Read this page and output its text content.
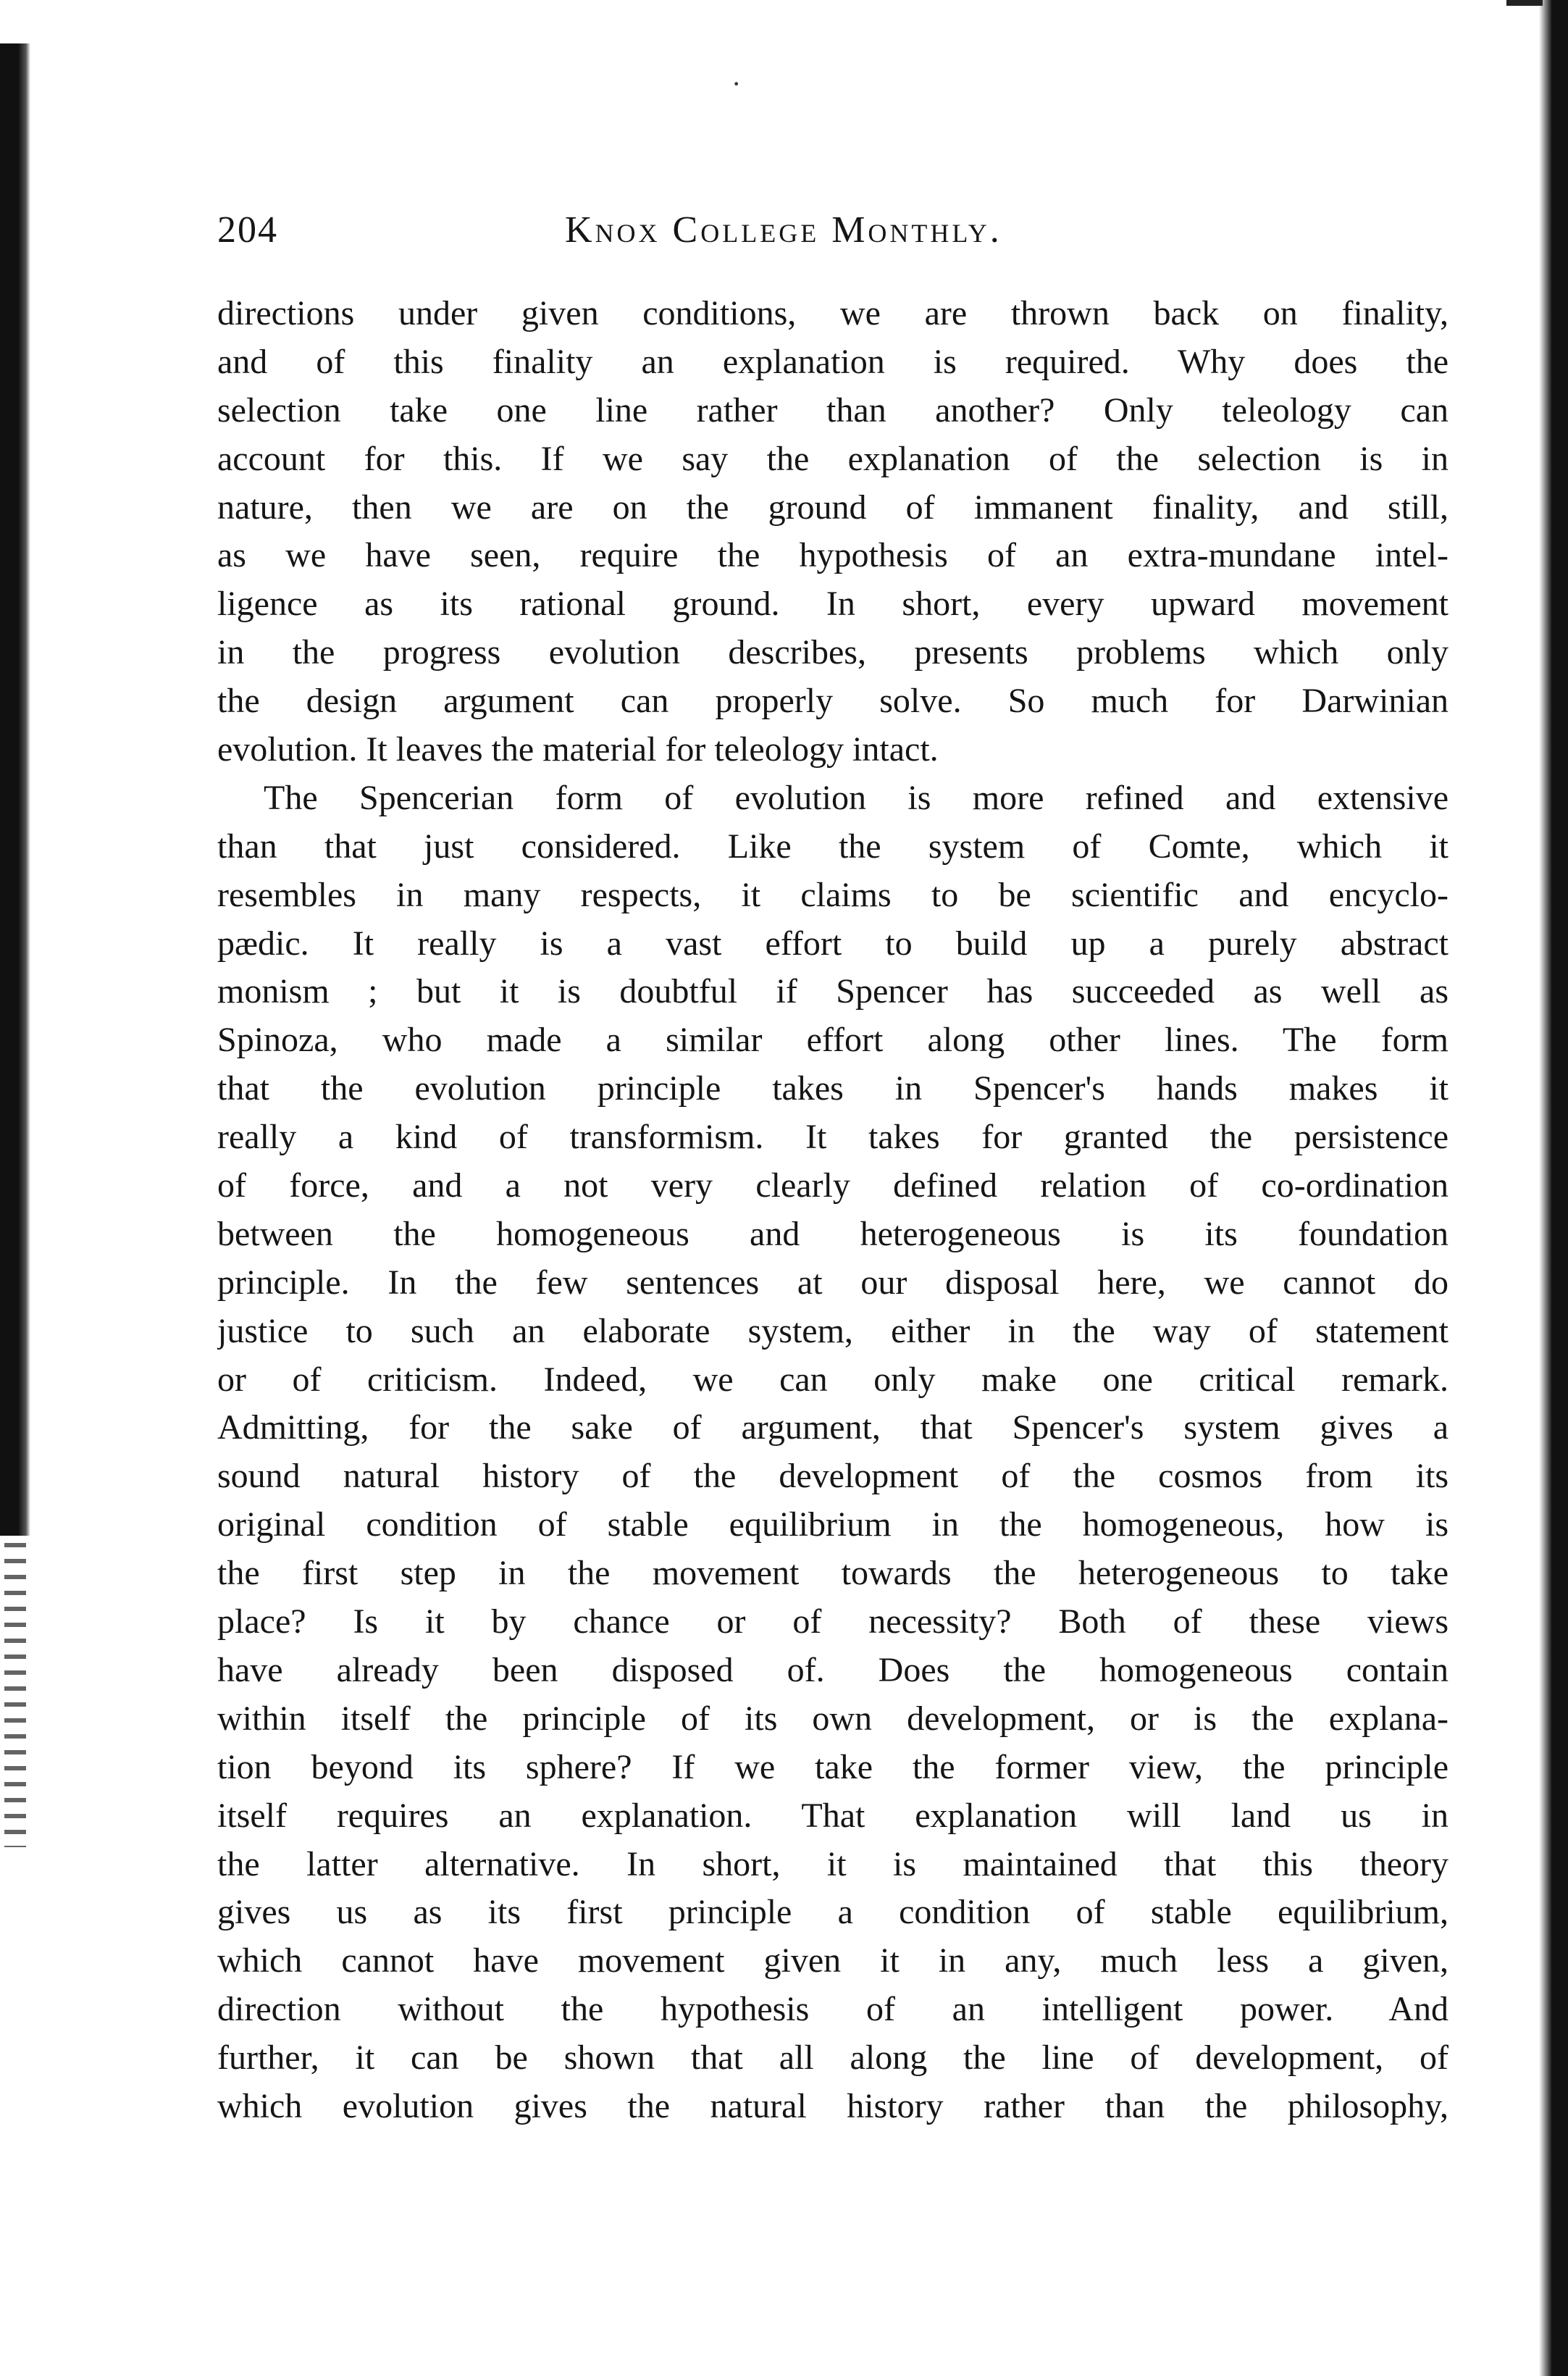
·
204	Knox College Monthly.
directions under given conditions, we are thrown back on finality,
and of this finality an explanation is required. Why does the
selection take one line rather than another? Only teleology can
account for this. If we say the explanation of the selection is in
nature, then we are on the ground of immanent finality, and still,
as we have seen, require the hypothesis of an extra-mundane intel-
ligence as its rational ground. In short, every upward movement
in the progress evolution describes, presents problems which only
the design argument can properly solve. So much for Darwinian
evolution. It leaves the material for teleology intact.
The Spencerian form of evolution is more refined and extensive
than that just considered. Like the system of Comte, which it
resembles in many respects, it claims to be scientific and encyclo-
pædic. It really is a vast effort to build up a purely abstract
monism ; but it is doubtful if Spencer has succeeded as well as
Spinoza, who made a similar effort along other lines. The form
that the evolution principle takes in Spencer's hands makes it
really a kind of transformism. It takes for granted the persistence
of force, and a not very clearly defined relation of co-ordination
between the homogeneous and heterogeneous is its foundation
principle. In the few sentences at our disposal here, we cannot do
justice to such an elaborate system, either in the way of statement
or of criticism. Indeed, we can only make one critical remark.
Admitting, for the sake of argument, that Spencer's system gives a
sound natural history of the development of the cosmos from its
original condition of stable equilibrium in the homogeneous, how is
the first step in the movement towards the heterogeneous to take
place? Is it by chance or of necessity? Both of these views
have already been disposed of. Does the homogeneous contain
within itself the principle of its own development, or is the explana-
tion beyond its sphere? If we take the former view, the principle
itself requires an explanation. That explanation will land us in
the latter alternative. In short, it is maintained that this theory
gives us as its first principle a condition of stable equilibrium,
which cannot have movement given it in any, much less a given,
direction without the hypothesis of an intelligent power. And
further, it can be shown that all along the line of development, of
which evolution gives the natural history rather than the philosophy,
